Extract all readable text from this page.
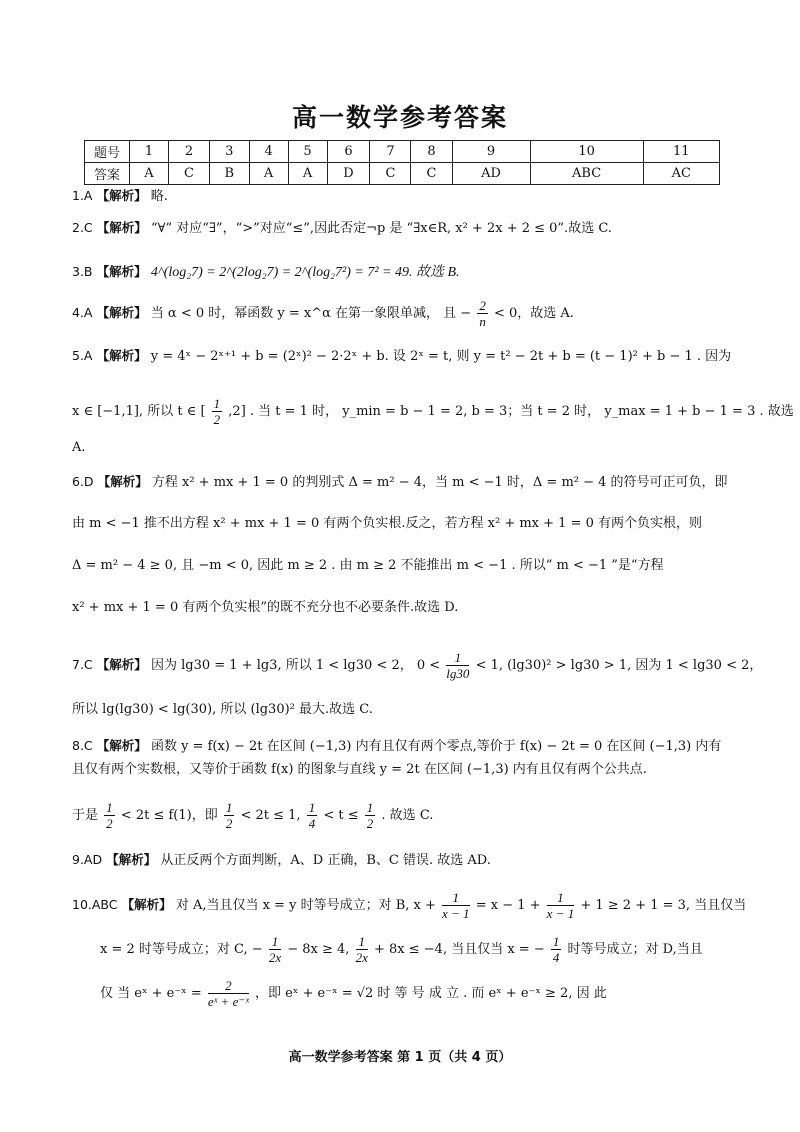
高一数学参考答案
题号	1	2	3	4	5	6	7	8	9	10	11
答案	A	C	B	A	A	D	C	C	AD	ABC	AC
1.A 【解析】 略.
2.C 【解析】 “∀” 对应“∃”，“>”对应“≤”,因此否定¬p 是 “∃x∈R, x² + 2x + 2 ≤ 0”.故选 C.
3.B 【解析】 4^(log₂7) = 2^(2log₂7) = 2^(log₂7²) = 7² = 49. 故选 B.
4.A 【解析】 当 α < 0 时，幂函数 y = x^α 在第一象限单减， 且 − $\frac{2}{n} < 0$，故选 A.
5.A 【解析】 y = 4ˣ − 2ˣ⁺¹ + b = (2ˣ)² − 2·2ˣ + b. 设 2ˣ = t, 则 y = t² − 2t + b = (t − 1)² + b − 1 . 因为
x ∈ [−1,1], 所以 t ∈ [ $\frac{1}{2} ,2$] . 当 t = 1 时， y_min = b − 1 = 2, b = 3；当 t = 2 时， y_max = 1 + b − 1 = 3 . 故选
A.
6.D 【解析】 方程 x² + mx + 1 = 0 的判别式 Δ = m² − 4，当 m < −1 时，Δ = m² − 4 的符号可正可负，即
由 m < −1 推不出方程 x² + mx + 1 = 0 有两个负实根.反之，若方程 x² + mx + 1 = 0 有两个负实根，则
Δ = m² − 4 ≥ 0, 且 −m < 0, 因此 m ≥ 2 . 由 m ≥ 2 不能推出 m < −1 . 所以“ m < −1 ”是“方程
x² + mx + 1 = 0 有两个负实根”的既不充分也不必要条件.故选 D.
7.C 【解析】 因为 lg30 = 1 + lg3, 所以 1 < lg30 < 2， $0 < \frac{1}{\lg 30} < 1$, (lg30)² > lg30 > 1, 因为 1 < lg30 < 2，
所以 lg(lg30) < lg(30), 所以 (lg30)² 最大.故选 C.
8.C 【解析】 函数 y = f(x) − 2t 在区间 (−1,3) 内有且仅有两个零点,等价于 f(x) − 2t = 0 在区间 (−1,3) 内有
且仅有两个实数根，又等价于函数 f(x) 的图象与直线 y = 2t 在区间 (−1,3) 内有且仅有两个公共点.
于是 $\frac{1}{2} < 2t \le f(1)$，即 $\frac{1}{2} < 2t \le 1$, $\frac{1}{4} < t \le \frac{1}{2}$ . 故选 C.
9.AD 【解析】 从正反两个方面判断，A、D 正确，B、C 错误. 故选 AD.
10.ABC 【解析】 对 A,当且仅当 x = y 时等号成立；对 B, $x + \frac{1}{x - 1} = x - 1 + \frac{1}{x - 1} + 1 \ge 2 + 1 = 3$, 当且仅当
x = 2 时等号成立；对 C, − $\frac{1}{2x} - 8x \ge 4$, $\frac{1}{2x} + 8x \le -4$, 当且仅当 x = − $\frac{1}{4}$ 时等号成立；对 D,当且
仅 当 eˣ + e⁻ˣ = $\frac{2}{\text{eˣ + e⁻ˣ}}$ ，即 eˣ + e⁻ˣ = √2 时 等 号 成 立 . 而 eˣ + e⁻ˣ ≥ 2, 因 此
高一数学参考答案 第 1 页（共 4 页）
